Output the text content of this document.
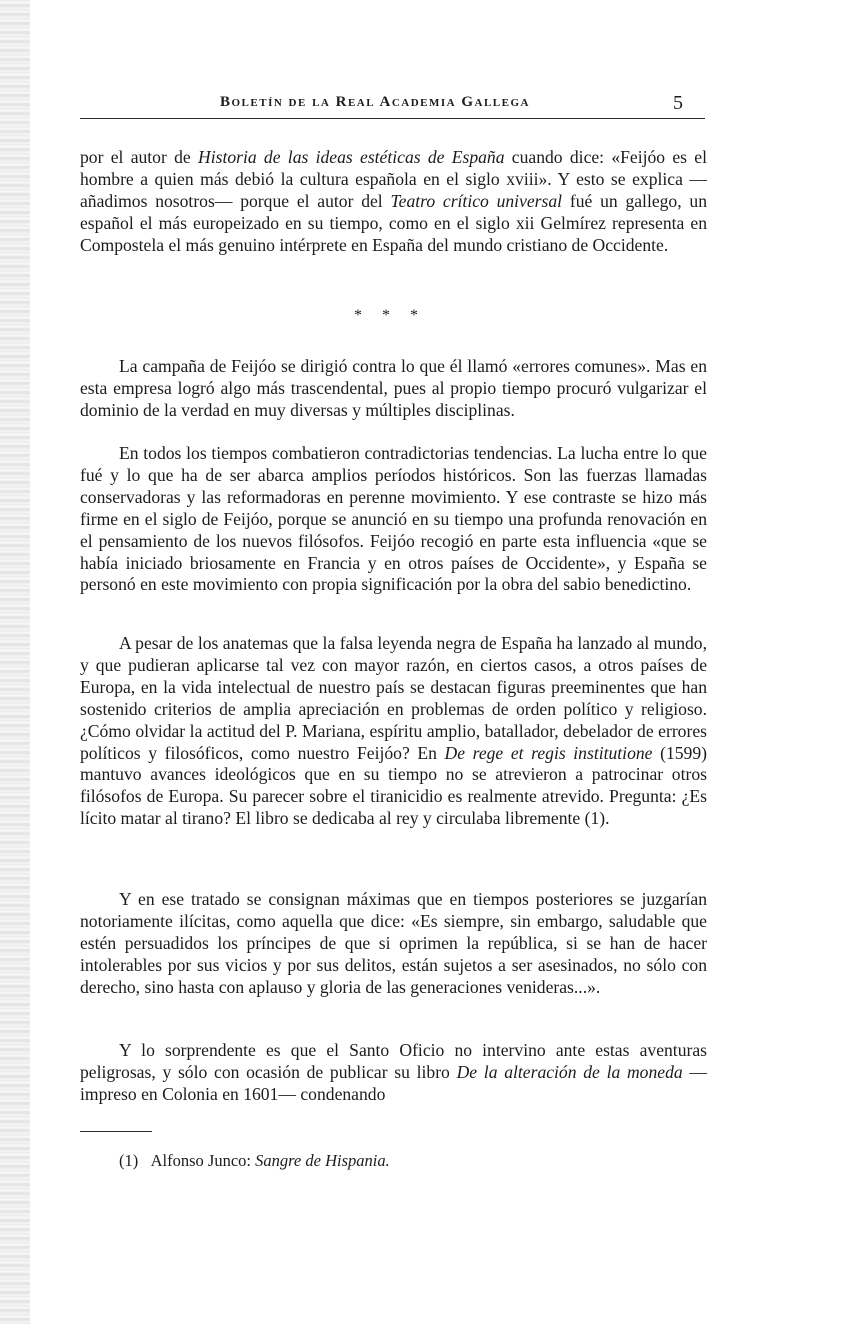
Boletín de la Real Academia Gallega	5

por el autor de Historia de las ideas estéticas de España cuando dice: «Feijóo es el hombre a quien más debió la cultura española en el siglo xviii». Y esto se explica — añadimos nosotros— porque el autor del Teatro crítico universal fué un gallego, un español el más europeizado en su tiempo, como en el siglo xii Gelmírez representa en Compostela el más genuino intérprete en España del mundo cristiano de Occidente.

* * *

La campaña de Feijóo se dirigió contra lo que él llamó «errores comunes». Mas en esta empresa logró algo más trascendental, pues al propio tiempo procuró vulgarizar el dominio de la verdad en muy diversas y múltiples disciplinas.

En todos los tiempos combatieron contradictorias tendencias. La lucha entre lo que fué y lo que ha de ser abarca amplios períodos históricos. Son las fuerzas llamadas conservadoras y las reformadoras en perenne movimiento. Y ese contraste se hizo más firme en el siglo de Feijóo, porque se anunció en su tiempo una profunda renovación en el pensamiento de los nuevos filósofos. Feijóo recogió en parte esta influencia «que se había iniciado briosamente en Francia y en otros países de Occidente», y España se personó en este movimiento con propia significación por la obra del sabio benedictino.

A pesar de los anatemas que la falsa leyenda negra de España ha lanzado al mundo, y que pudieran aplicarse tal vez con mayor razón, en ciertos casos, a otros países de Europa, en la vida intelectual de nuestro país se destacan figuras preeminentes que han sostenido criterios de amplia apreciación en problemas de orden político y religioso. ¿Cómo olvidar la actitud del P. Mariana, espíritu amplio, batallador, debelador de errores políticos y filosóficos, como nuestro Feijóo? En De rege et regis institutione (1599) mantuvo avances ideológicos que en su tiempo no se atrevieron a patrocinar otros filósofos de Europa. Su parecer sobre el tiranicidio es realmente atrevido. Pregunta: ¿Es lícito matar al tirano? El libro se dedicaba al rey y circulaba libremente (1).

Y en ese tratado se consignan máximas que en tiempos posteriores se juzgarían notoriamente ilícitas, como aquella que dice: «Es siempre, sin embargo, saludable que estén persuadidos los príncipes de que si oprimen la república, si se han de hacer intolerables por sus vicios y por sus delitos, están sujetos a ser asesinados, no sólo con derecho, sino hasta con aplauso y gloria de las generaciones venideras...».

Y lo sorprendente es que el Santo Oficio no intervino ante estas aventuras peligrosas, y sólo con ocasión de publicar su libro De la alteración de la moneda —impreso en Colonia en 1601— condenando

(1) Alfonso Junco: Sangre de Hispania.
